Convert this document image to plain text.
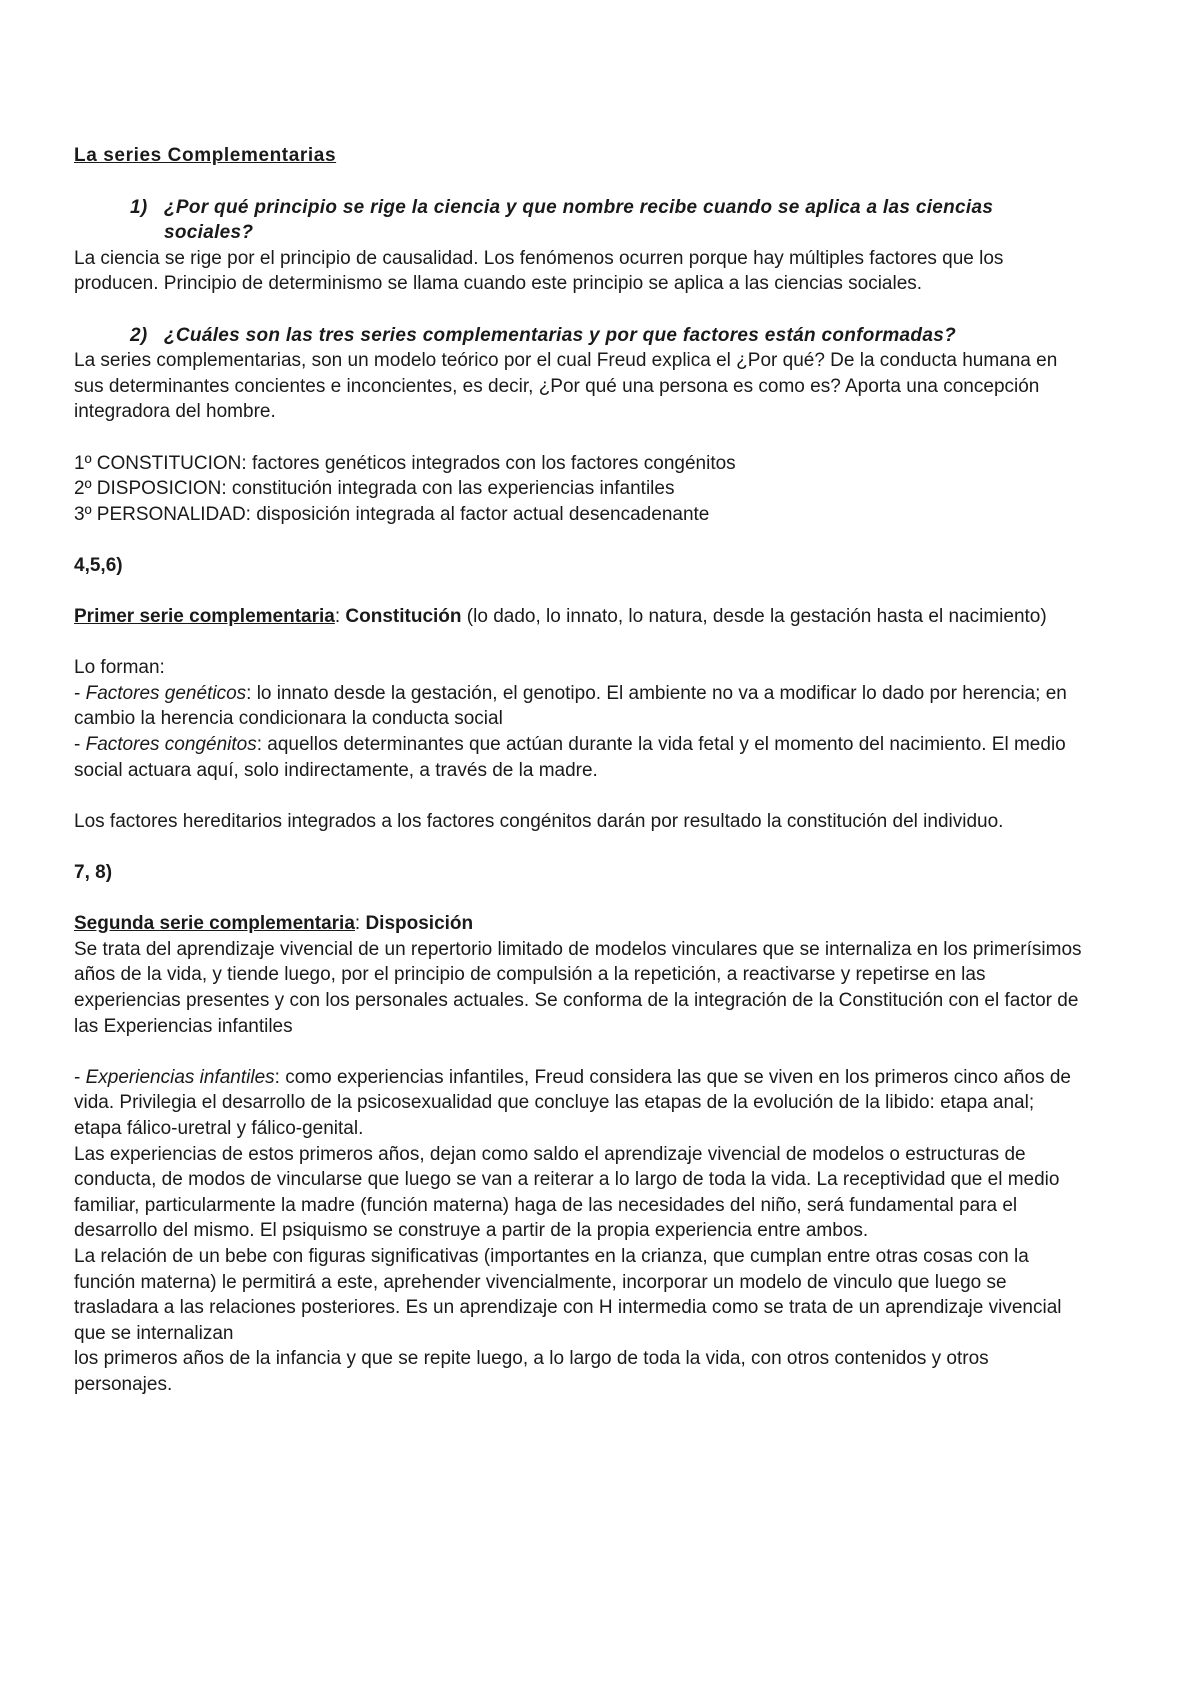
La series Complementarias

1) ¿Por qué principio se rige la ciencia y que nombre recibe cuando se aplica a las ciencias sociales?

La ciencia se rige por el principio de causalidad. Los fenómenos ocurren porque hay múltiples factores que los producen. Principio de determinismo se llama cuando este principio se aplica a las ciencias sociales.

2) ¿Cuáles son las tres series complementarias y por que factores están conformadas?

La series complementarias, son un modelo teórico por el cual Freud explica el ¿Por qué? De la conducta humana en sus determinantes concientes e inconcientes, es decir, ¿Por qué una persona es como es? Aporta una concepción integradora del hombre.

1º CONSTITUCION: factores genéticos integrados con los factores congénitos

2º DISPOSICION: constitución integrada con las experiencias infantiles

3º PERSONALIDAD: disposición integrada al factor actual desencadenante

4,5,6)

Primer serie complementaria: Constitución (lo dado, lo innato, lo natura, desde la gestación hasta el nacimiento)

Lo forman:

- Factores genéticos: lo innato desde la gestación, el genotipo. El ambiente no va a modificar lo dado por herencia; en cambio la herencia condicionara la conducta social

- Factores congénitos: aquellos determinantes que actúan durante la vida fetal y el momento del nacimiento. El medio social actuara aquí, solo indirectamente, a través de la madre.

Los factores hereditarios integrados a los factores congénitos darán por resultado la constitución del individuo.

7, 8)

Segunda serie complementaria: Disposición

Se trata del aprendizaje vivencial de un repertorio limitado de modelos vinculares que se internaliza en los primerísimos años de la vida, y tiende luego, por el principio de compulsión a la repetición, a reactivarse y repetirse en las experiencias presentes y con los personales actuales. Se conforma de la integración de la Constitución con el factor de las Experiencias infantiles

- Experiencias infantiles: como experiencias infantiles, Freud considera las que se viven en los primeros cinco años de vida. Privilegia el desarrollo de la psicosexualidad que concluye las etapas de la evolución de la libido: etapa anal; etapa fálico-uretral y fálico-genital.

Las experiencias de estos primeros años, dejan como saldo el aprendizaje vivencial de modelos o estructuras de conducta, de modos de vincularse que luego se van a reiterar a lo largo de toda la vida. La receptividad que el medio familiar, particularmente la madre (función materna) haga de las necesidades del niño, será fundamental para el desarrollo del mismo. El psiquismo se construye a partir de la propia experiencia entre ambos.

La relación de un bebe con figuras significativas (importantes en la crianza, que cumplan entre otras cosas con la función materna) le permitirá a este, aprehender vivencialmente, incorporar un modelo de vinculo que luego se trasladara a las relaciones posteriores. Es un aprendizaje con H intermedia como se trata de un aprendizaje vivencial que se internalizan

los primeros años de la infancia y que se repite luego, a lo largo de toda la vida, con otros contenidos y otros personajes.
